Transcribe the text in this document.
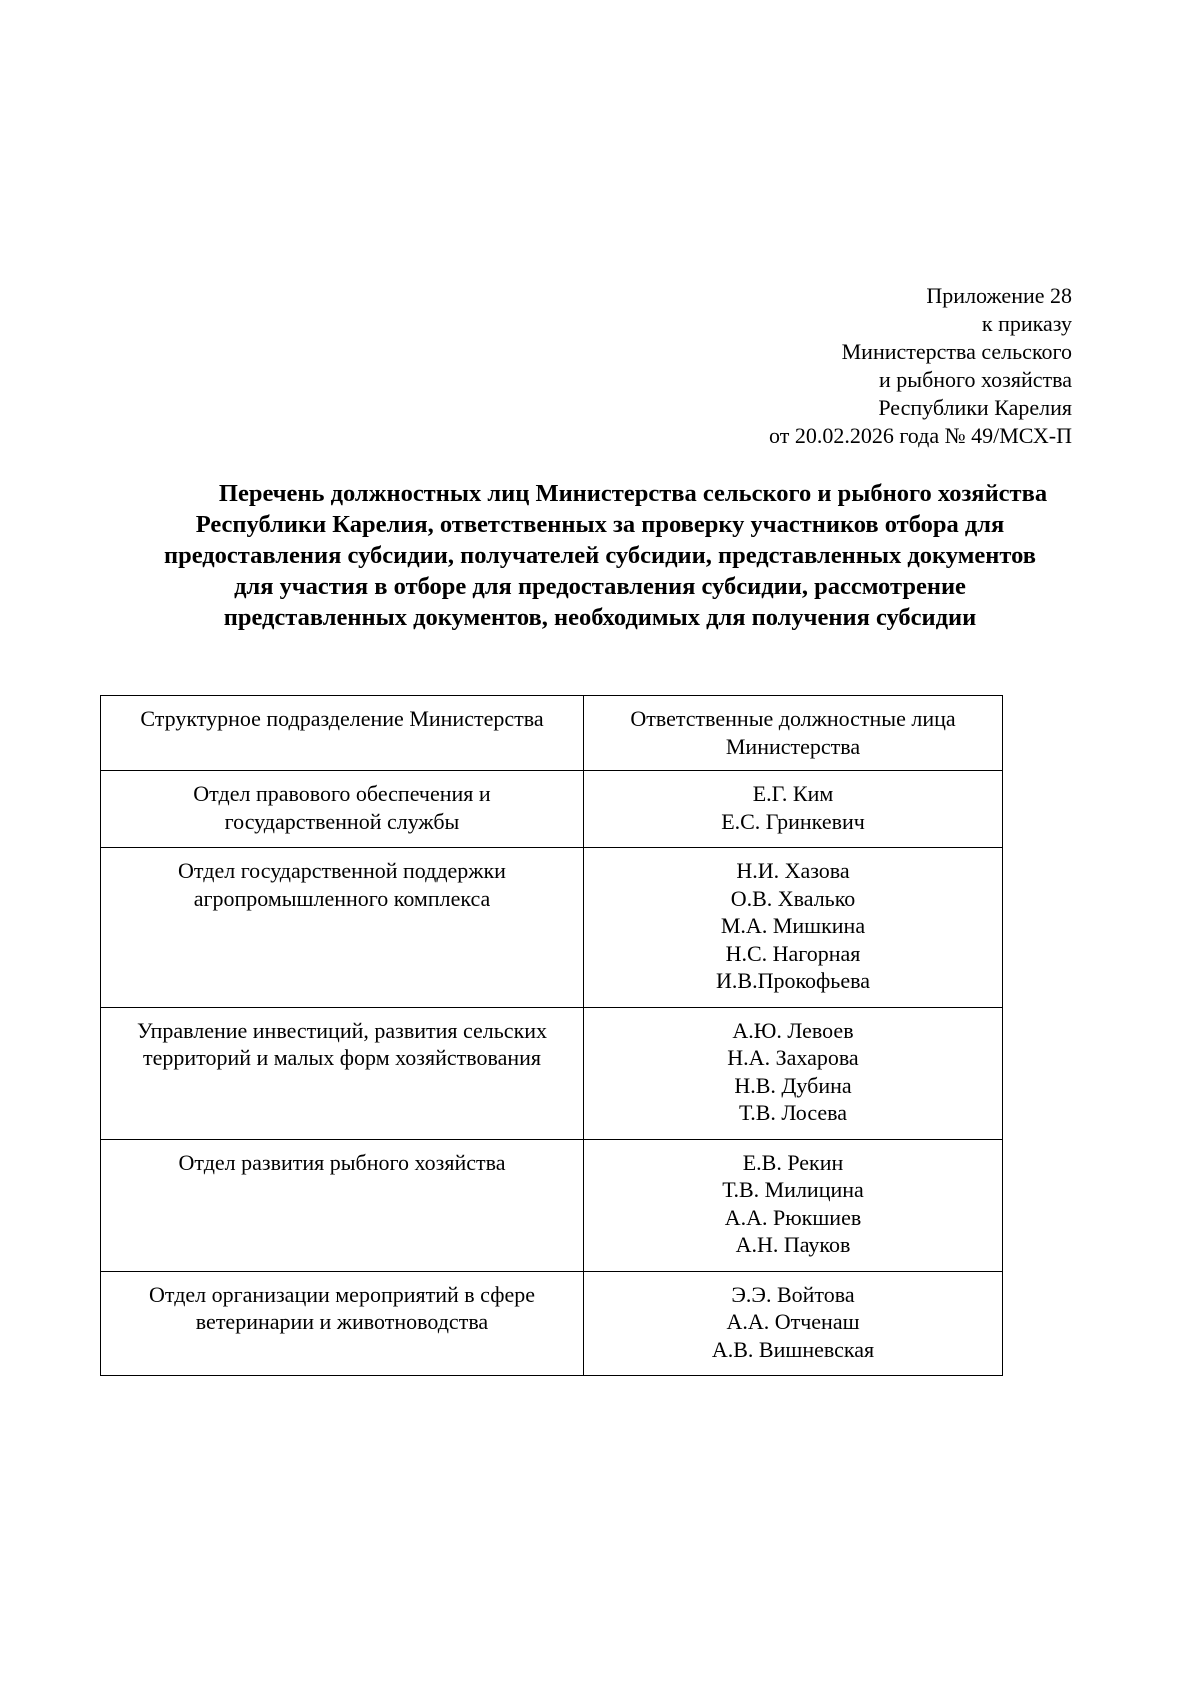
Приложение 28
к приказу
Министерства сельского
и рыбного хозяйства
Республики Карелия
от 20.02.2026 года № 49/МСХ-П
Перечень должностных лиц Министерства сельского и рыбного хозяйства
Республики Карелия, ответственных за проверку участников отбора для
предоставления субсидии, получателей субсидии, представленных документов
для участия в отборе для предоставления субсидии, рассмотрение
представленных документов, необходимых для получения субсидии
Структурное подразделение Министерства	Ответственные должностные лица
Министерства

Отдел правового обеспечения и
государственной службы	Е.Г. Ким
Е.С. Гринкевич

Отдел государственной поддержки
агропромышленного комплекса	Н.И. Хазова
О.В. Хвалько
М.А. Мишкина
Н.С. Нагорная
И.В.Прокофьева

Управление инвестиций, развития сельских
территорий и малых форм хозяйствования	А.Ю. Левоев
Н.А. Захарова
Н.В. Дубина
Т.В. Лосева

Отдел развития рыбного хозяйства	Е.В. Рекин
Т.В. Милицина
А.А. Рюкшиев
А.Н. Пауков

Отдел организации мероприятий в сфере
ветеринарии и животноводства	Э.Э. Войтова
А.А. Отченаш
А.В. Вишневская
